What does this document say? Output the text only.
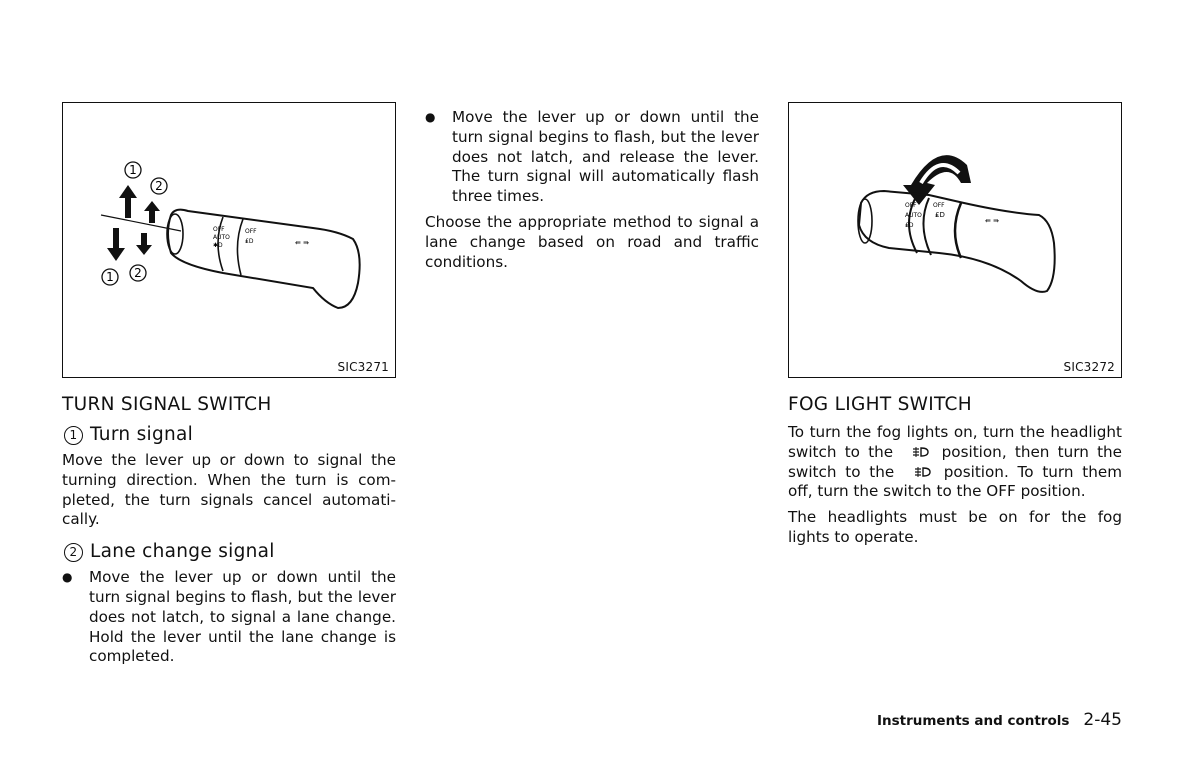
OFF
AUTO
✱D
OFF
₤D	⇚ ⇛
1
2
1 2
SIC3271
OFF
AUTO
₤D
OFF
₤D
⇚ ⇛
SIC3272
TURN SIGNAL SWITCH
1 Turn signal

Move the lever up or down to signal the turning direction. When the turn is com-pleted, the turn signals cancel automati-cally.

2 Lane change signal
● Move the lever up or down until the turn signal begins to flash, but the lever does not latch, to signal a lane change. Hold the lever until the lane change is completed.
● Move the lever up or down until the turn signal begins to flash, but the lever does not latch, and release the lever. The turn signal will automatically flash three times.

Choose the appropriate method to signal a lane change based on road and traffic conditions.

FOG LIGHT SWITCH

To turn the fog lights on, turn the headlight switch to the	position, then turn the switch to the	position. To turn them off, turn the switch to the OFF position.

The headlights must be on for the fog lights to operate.

Instruments and controls 2-45
